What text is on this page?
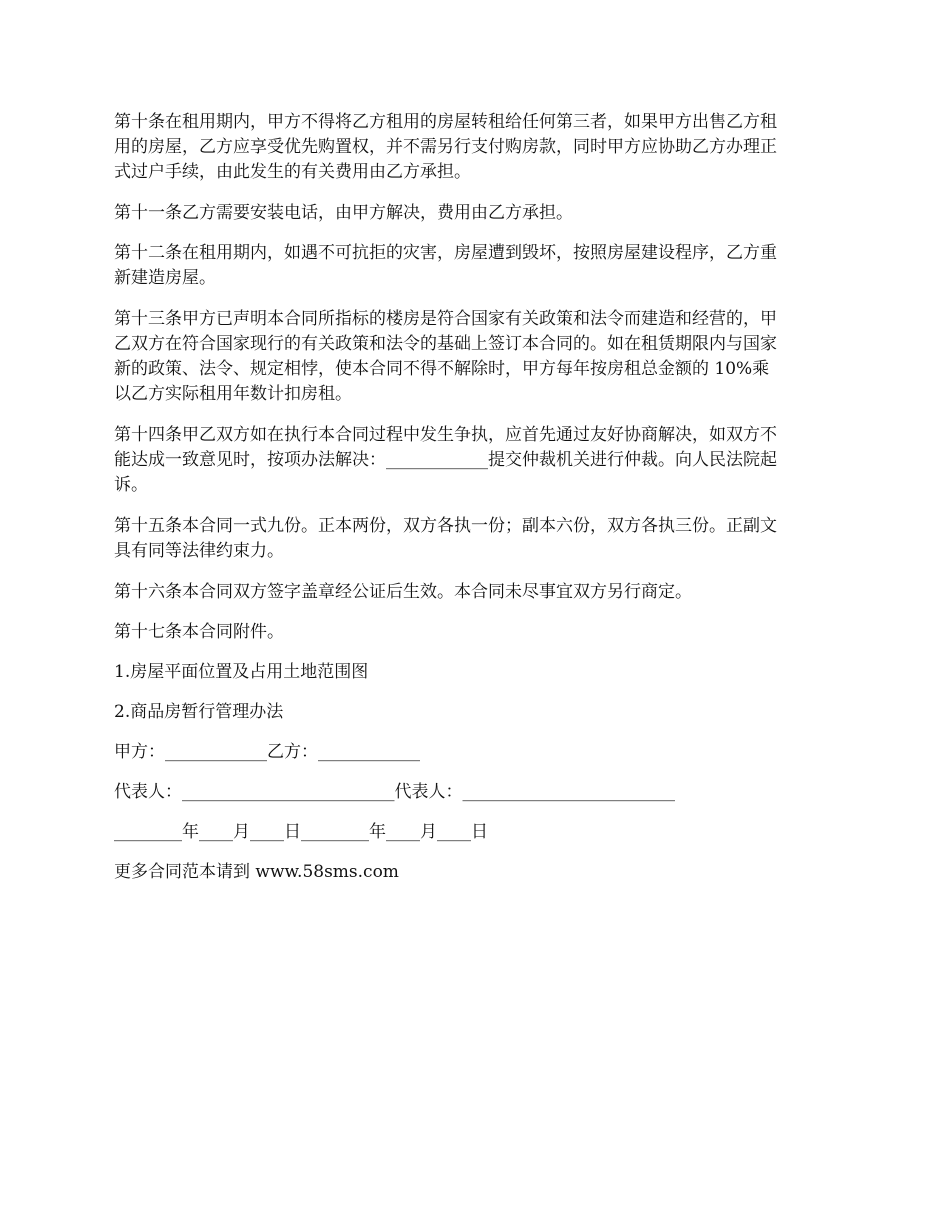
第十条在租用期内，甲方不得将乙方租用的房屋转租给任何第三者，如果甲方出售乙方租
用的房屋，乙方应享受优先购置权，并不需另行支付购房款，同时甲方应协助乙方办理正
式过户手续，由此发生的有关费用由乙方承担。

第十一条乙方需要安装电话，由甲方解决，费用由乙方承担。

第十二条在租用期内，如遇不可抗拒的灾害，房屋遭到毁坏，按照房屋建设程序，乙方重
新建造房屋。

第十三条甲方已声明本合同所指标的楼房是符合国家有关政策和法令而建造和经营的，甲
乙双方在符合国家现行的有关政策和法令的基础上签订本合同的。如在租赁期限内与国家
新的政策、法令、规定相悖，使本合同不得不解除时，甲方每年按房租总金额的 10%乘
以乙方实际租用年数计扣房租。

第十四条甲乙双方如在执行本合同过程中发生争执，应首先通过友好协商解决，如双方不
能达成一致意见时，按项办法解决：____________提交仲裁机关进行仲裁。向人民法院起
诉。

第十五条本合同一式九份。正本两份，双方各执一份；副本六份，双方各执三份。正副文
具有同等法律约束力。

第十六条本合同双方签字盖章经公证后生效。本合同未尽事宜双方另行商定。

第十七条本合同附件。

1.房屋平面位置及占用土地范围图

2.商品房暂行管理办法

甲方：____________乙方：____________

代表人：_________________________代表人：_________________________

________年____月____日________年____月____日

更多合同范本请到 www.58sms.com
